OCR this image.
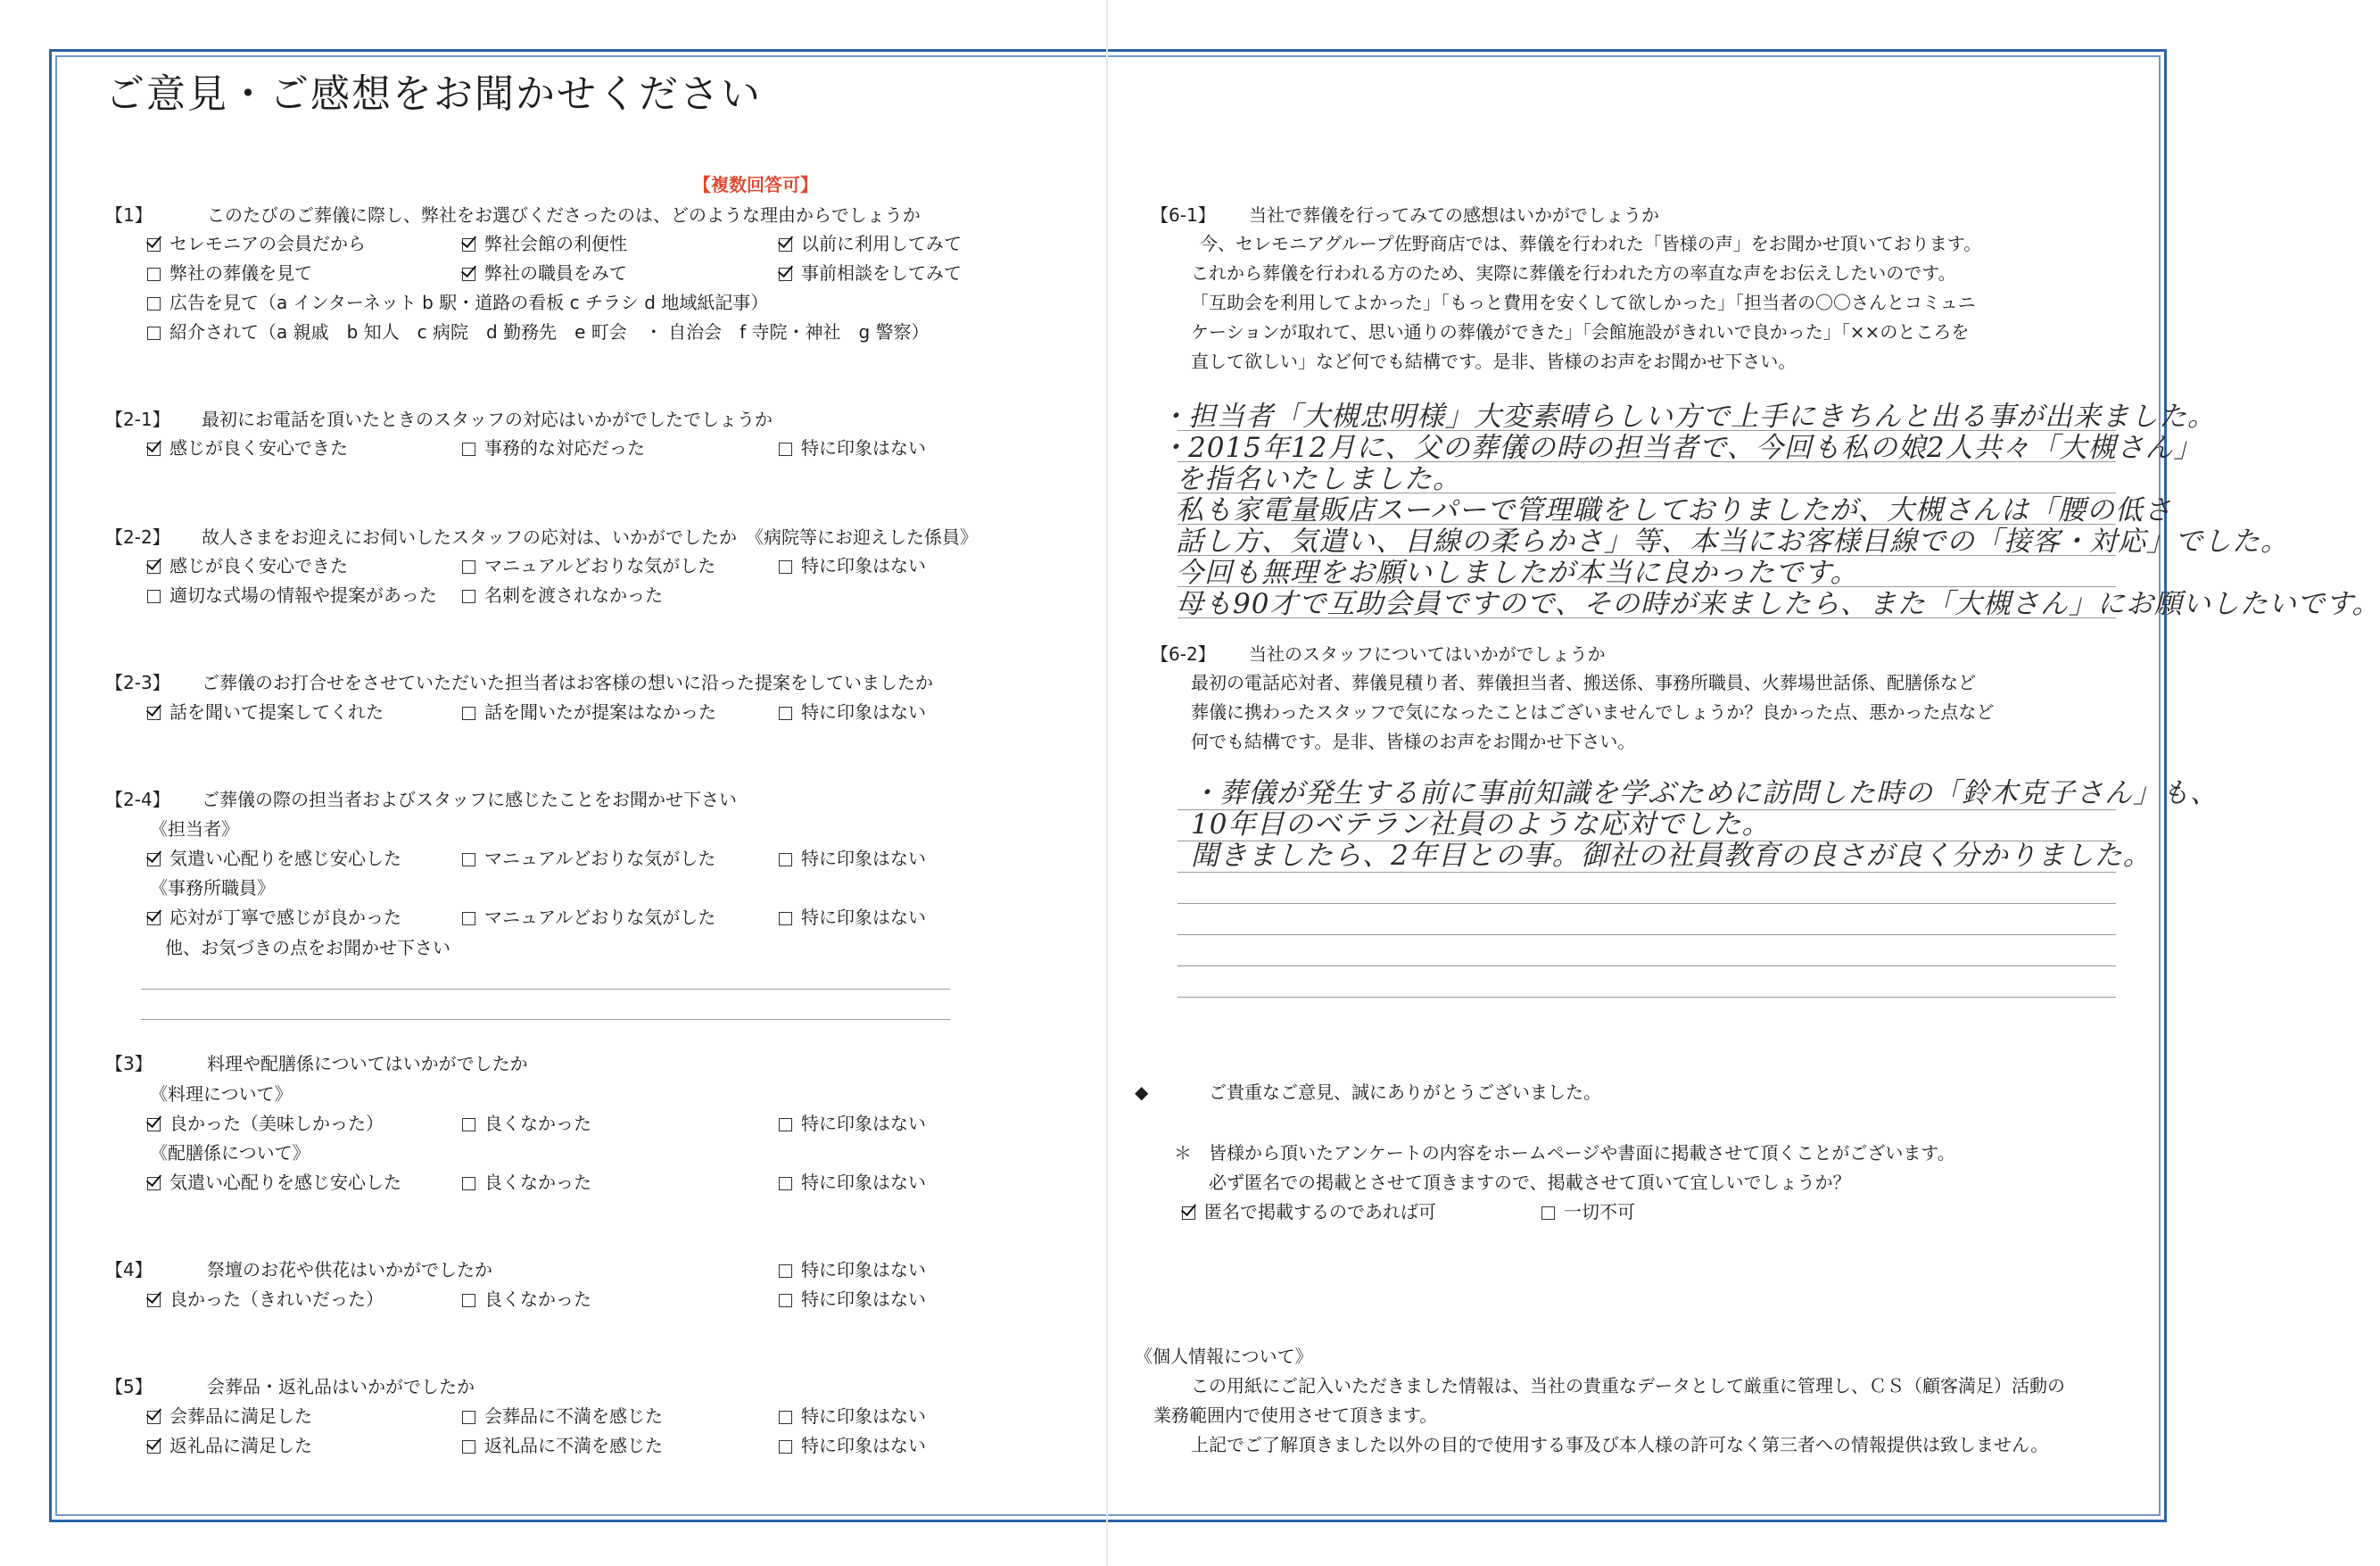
ご意見・ご感想をお聞かせください
【複数回答可】
【1】	このたびのご葬儀に際し、弊社をお選びくださったのは、どのような理由からでしょうか
セレモニアの会員だから	弊社会館の利便性	以前に利用してみて
弊社の葬儀を見て	弊社の職員をみて	事前相談をしてみて
広告を見て（a インターネット b 駅・道路の看板 c チラシ d 地域紙記事）
紹介されて（a 親戚　b 知人　c 病院　d 勤務先　e 町会　・ 自治会　f 寺院・神社　g 警察）
【2-1】 最初にお電話を頂いたときのスタッフの対応はいかがでしたでしょうか
感じが良く安心できた	事務的な対応だった	特に印象はない
【2-2】 故人さまをお迎えにお伺いしたスタッフの応対は、いかがでしたか　《病院等にお迎えした係員》
感じが良く安心できた	マニュアルどおりな気がした	特に印象はない
適切な式場の情報や提案があった	名刺を渡されなかった
【2-3】 ご葬儀のお打合せをさせていただいた担当者はお客様の想いに沿った提案をしていましたか
話を聞いて提案してくれた	話を聞いたが提案はなかった	特に印象はない
【2-4】 ご葬儀の際の担当者およびスタッフに感じたことをお聞かせ下さい
《担当者》
気遣い心配りを感じ安心した	マニュアルどおりな気がした	特に印象はない
《事務所職員》
応対が丁寧で感じが良かった	マニュアルどおりな気がした	特に印象はない
他、お気づきの点をお聞かせ下さい
【3】	料理や配膳係についてはいかがでしたか
《料理について》
良かった（美味しかった）	良くなかった	特に印象はない
《配膳係について》
気遣い心配りを感じ安心した	良くなかった	特に印象はない
【4】	祭壇のお花や供花はいかがでしたか	特に印象はない
良かった（きれいだった）	良くなかった	特に印象はない
【5】	会葬品・返礼品はいかがでしたか
会葬品に満足した	会葬品に不満を感じた	特に印象はない
返礼品に満足した	返礼品に不満を感じた	特に印象はない
【6-1】 当社で葬儀を行ってみての感想はいかがでしょうか
今、セレモニアグループ佐野商店では、葬儀を行われた「皆様の声」をお聞かせ頂いております。
これから葬儀を行われる方のため、実際に葬儀を行われた方の率直な声をお伝えしたいのです。
「互助会を利用してよかった」「もっと費用を安くして欲しかった」「担当者の〇〇さんとコミュニ
ケーションが取れて、思い通りの葬儀ができた」「会館施設がきれいで良かった」「××のところを
直して欲しい」など何でも結構です。是非、皆様のお声をお聞かせ下さい。
・担当者「大槻忠明様」大変素晴らしい方で上手にきちんと出る事が出来ました。
・2015年12月に、父の葬儀の時の担当者で、今回も私の娘2人共々「大槻さん」
を指名いたしました。
私も家電量販店スーパーで管理職をしておりましたが、大槻さんは「腰の低さ
話し方、気遣い、目線の柔らかさ」等、本当にお客様目線での「接客・対応」でした。
今回も無理をお願いしましたが本当に良かったです。
母も90才で互助会員ですので、その時が来ましたら、また「大槻さん」にお願いしたいです。
【6-2】 当社のスタッフについてはいかがでしょうか
最初の電話応対者、葬儀見積り者、葬儀担当者、搬送係、事務所職員、火葬場世話係、配膳係など
葬儀に携わったスタッフで気になったことはございませんでしょうか？良かった点、悪かった点など
何でも結構です。是非、皆様のお声をお聞かせ下さい。
・葬儀が発生する前に事前知識を学ぶために訪問した時の「鈴木克子さん」も、
10年目のベテラン社員のような応対でした。
聞きましたら、2年目との事。御社の社員教育の良さが良く分かりました。
◆	ご貴重なご意見、誠にありがとうございました。
＊ 皆様から頂いたアンケートの内容をホームページや書面に掲載させて頂くことがございます。
必ず匿名での掲載とさせて頂きますので、掲載させて頂いて宜しいでしょうか？
匿名で掲載するのであれば可	一切不可
《個人情報について》
この用紙にご記入いただきました情報は、当社の貴重なデータとして厳重に管理し、ＣＳ（顧客満足）活動の
業務範囲内で使用させて頂きます。
上記でご了解頂きました以外の目的で使用する事及び本人様の許可なく第三者への情報提供は致しません。
